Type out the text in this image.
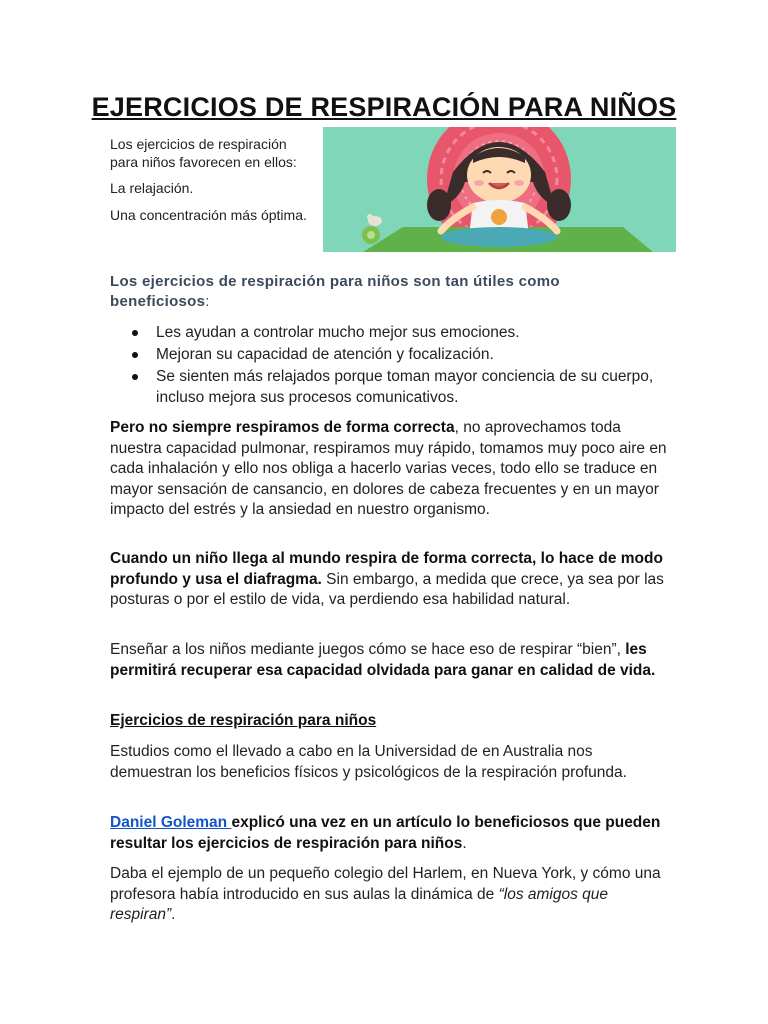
EJERCICIOS DE RESPIRACIÓN PARA NIÑOS

Los ejercicios de respiración para niños favorecen en ellos:

La relajación.

Una concentración más óptima.

Los ejercicios de respiración para niños son tan útiles como beneficiosos:
Les ayudan a controlar mucho mejor sus emociones.
Mejoran su capacidad de atención y focalización.
Se sienten más relajados porque toman mayor conciencia de su cuerpo, incluso mejora sus procesos comunicativos.

Pero no siempre respiramos de forma correcta, no aprovechamos toda nuestra capacidad pulmonar, respiramos muy rápido, tomamos muy poco aire en cada inhalación y ello nos obliga a hacerlo varias veces, todo ello se traduce en mayor sensación de cansancio, en dolores de cabeza frecuentes y en un mayor impacto del estrés y la ansiedad en nuestro organismo.

Cuando un niño llega al mundo respira de forma correcta, lo hace de modo profundo y usa el diafragma. Sin embargo, a medida que crece, ya sea por las posturas o por el estilo de vida, va perdiendo esa habilidad natural.

Enseñar a los niños mediante juegos cómo se hace eso de respirar “bien”, les permitirá recuperar esa capacidad olvidada para ganar en calidad de vida.

Ejercicios de respiración para niños

Estudios como el llevado a cabo en la Universidad de en Australia nos demuestran los beneficios físicos y psicológicos de la respiración profunda.

Daniel Goleman explicó una vez en un artículo lo beneficiosos que pueden resultar los ejercicios de respiración para niños.

Daba el ejemplo de un pequeño colegio del Harlem, en Nueva York, y cómo una profesora había introducido en sus aulas la dinámica de “los amigos que respiran”.
